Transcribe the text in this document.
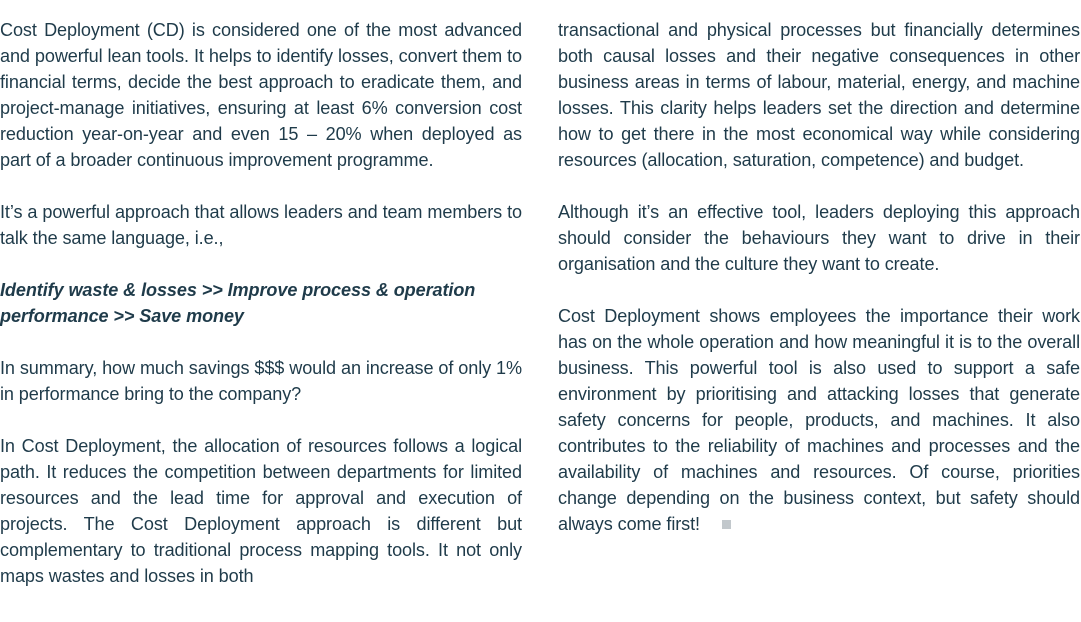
Cost Deployment (CD) is considered one of the most advanced and powerful lean tools. It helps to identify losses, convert them to financial terms, decide the best approach to eradicate them, and project-manage initiatives, ensuring at least 6% conversion cost reduction year-on-year and even 15 – 20% when deployed as part of a broader continuous improvement programme.

It’s a powerful approach that allows leaders and team members to talk the same language, i.e.,

Identify waste & losses >> Improve process & operation performance >> Save money

In summary, how much savings $$$ would an increase of only 1% in performance bring to the company?

In Cost Deployment, the allocation of resources follows a logical path. It reduces the competition between departments for limited resources and the lead time for approval and execution of projects. The Cost Deployment approach is different but complementary to traditional process mapping tools. It not only maps wastes and losses in both

transactional and physical processes but financially determines both causal losses and their negative consequences in other business areas in terms of labour, material, energy, and machine losses. This clarity helps leaders set the direction and determine how to get there in the most economical way while considering resources (allocation, saturation, competence) and budget.

Although it’s an effective tool, leaders deploying this approach should consider the behaviours they want to drive in their organisation and the culture they want to create.

Cost Deployment shows employees the importance their work has on the whole operation and how meaningful it is to the overall business. This powerful tool is also used to support a safe environment by prioritising and attacking losses that generate safety concerns for people, products, and machines. It also contributes to the reliability of machines and processes and the availability of machines and resources. Of course, priorities change depending on the business context, but safety should always come first!
